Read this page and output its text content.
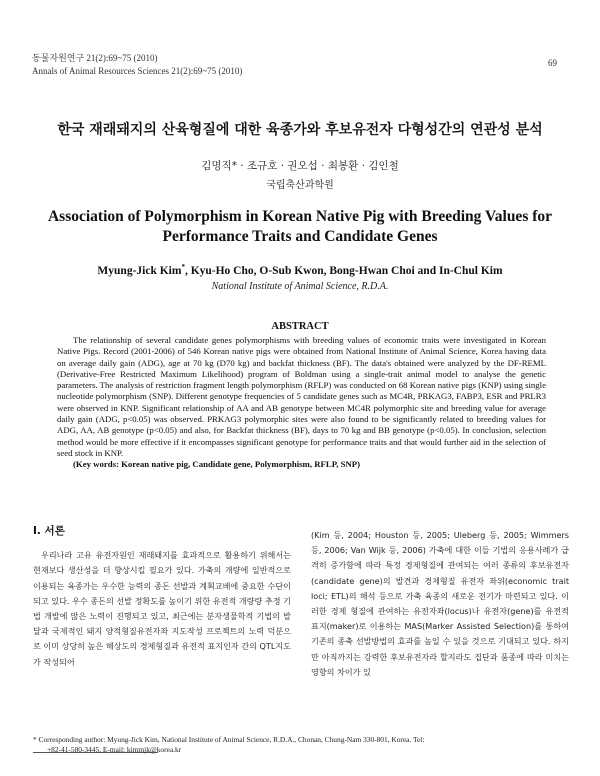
동물자원연구 21(2):69~75 (2010)
Annals of Animal Resources Sciences 21(2):69~75 (2010)
69
한국 재래돼지의 산육형질에 대한 육종가와 후보유전자 다형성간의 연관성 분석
김명직* · 조규호 · 권오섭 · 최봉환 · 김인철
국립축산과학원
Association of Polymorphism in Korean Native Pig with Breeding Values for Performance Traits and Candidate Genes
Myung-Jick Kim*, Kyu-Ho Cho, O-Sub Kwon, Bong-Hwan Choi and In-Chul Kim
National Institute of Animal Science, R.D.A.
ABSTRACT

The relationship of several candidate genes polymorphisms with breeding values of economic traits were investigated in Korean Native Pigs. Record (2001-2006) of 546 Korean native pigs were obtained from National Institute of Animal Science, Korea having data on average daily gain (ADG), age at 70 kg (D70 kg) and backfat thickness (BF). The data's obtained were analyzed by the DF-REML (Derivative-Free Restricted Maximum Likelihood) program of Boldman using a single-trait animal model to analyse the genetic parameters. The analysis of restriction fragment length polymorphism (RFLP) was conducted on 68 Korean native pigs (KNP) using single nucleotide polymorphism (SNP). Different genotype frequencies of 5 candidate genes such as MC4R, PRKAG3, FABP3, ESR and PRLR3 were observed in KNP. Significant relationship of AA and AB genotype between MC4R polymorphic site and breeding value for average daily gain (ADG, p<0.05) was observed. PRKAG3 polymorphic sites were also found to be significantly related to breeding values for ADG, AA, AB genotype (p<0.05) and also, for Backfat thickness (BF), days to 70 kg and BB genotype (p<0.05). In conclusion, selection method would be more effective if it encompasses significant genotype for performance traits and that would further aid in the selection of seed stock in KNP.

(Key words: Korean native pig, Candidate gene, Polymorphism, RFLP, SNP)

I. 서론

우리나라 고유 유전자원인 재래돼지를 효과적으로 활용하기 위해서는 현재보다 생산성을 더 향상시킬 필요가 있다. 가축의 개량에 일반적으로 이용되는 육종가는 우수한 능력의 종돈 선발과 계획교배에 중요한 수단이 되고 있다. 우수 종돈의 선발 정확도를 높이기 위한 유전적 개량량 추정 기법 개발에 많은 노력이 진행되고 있고, 최근에는 분자생물학적 기법의 발달과 국제적인 돼지 양적형질유전자좌 지도작성 프로젝트의 노력 덕분으로 이미 상당히 높은 해상도의 경제형질과 유전적 표지인자 간의 QTL지도가 작성되어

(Kim 등, 2004; Houston 등, 2005; Uleberg 등, 2005; Wimmers 등, 2006; Van Wijk 등, 2006) 가축에 대한 이들 기법의 응용사례가 급격히 증가함에 따라 특정 경제형질에 관여되는 여러 종류의 후보유전자(candidate gene)의 발견과 경제형질 유전자 좌위(economic trait loci; ETL)의 해석 등으로 가축 육종의 새로운 전기가 마련되고 있다. 이러한 경제 형질에 관여하는 유전자좌(locus)나 유전자(gene)를 유전적 표지(maker)로 이용하는 MAS(Marker Assisted Selection)를 통하여 기존의 종축 선발방법의 효과를 높일 수 있을 것으로 기대되고 있다. 하지만 아직까지는 강력한 후보유전자라 할지라도 집단과 품종에 따라 미치는 영향의 차이가 있

* Corresponding author: Myung-Jick Kim, National Institute of Animal Science, R.D.A., Chonan, Chung-Nam 330-801, Korea. Tel:
+82-41-580-3445, E-mail: kimmjk@korea.kr
